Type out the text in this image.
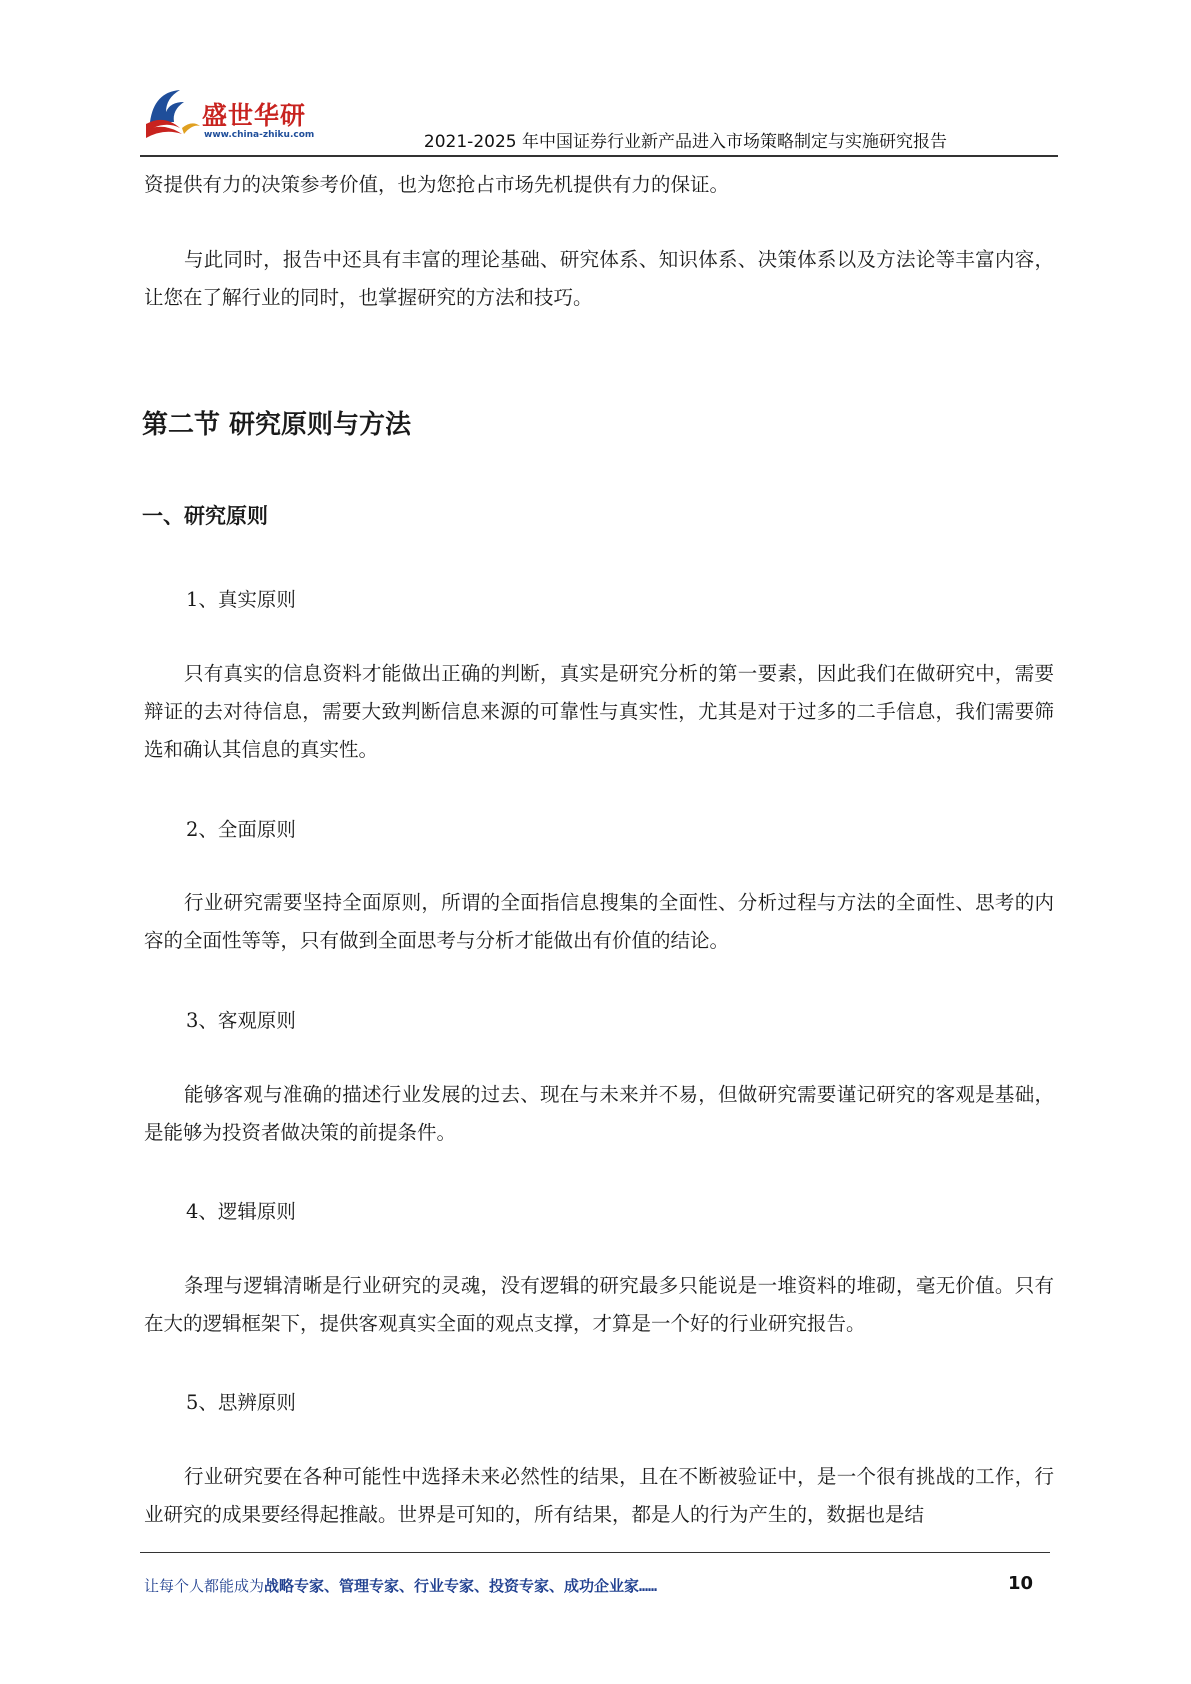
盛世华研
www.china-zhiku.com	2021-2025 年中国证券行业新产品进入市场策略制定与实施研究报告
资提供有力的决策参考价值，也为您抢占市场先机提供有力的保证。
与此同时，报告中还具有丰富的理论基础、研究体系、知识体系、决策体系以及方法论等丰富内容，让您在了解行业的同时，也掌握研究的方法和技巧。
第二节 研究原则与方法
一、研究原则
1、真实原则
只有真实的信息资料才能做出正确的判断，真实是研究分析的第一要素，因此我们在做研究中，需要辩证的去对待信息，需要大致判断信息来源的可靠性与真实性，尤其是对于过多的二手信息，我们需要筛选和确认其信息的真实性。
2、全面原则
行业研究需要坚持全面原则，所谓的全面指信息搜集的全面性、分析过程与方法的全面性、思考的内容的全面性等等，只有做到全面思考与分析才能做出有价值的结论。
3、客观原则
能够客观与准确的描述行业发展的过去、现在与未来并不易，但做研究需要谨记研究的客观是基础，是能够为投资者做决策的前提条件。
4、逻辑原则
条理与逻辑清晰是行业研究的灵魂，没有逻辑的研究最多只能说是一堆资料的堆砌，毫无价值。只有在大的逻辑框架下，提供客观真实全面的观点支撑，才算是一个好的行业研究报告。
5、思辨原则
行业研究要在各种可能性中选择未来必然性的结果，且在不断被验证中，是一个很有挑战的工作，行业研究的成果要经得起推敲。世界是可知的，所有结果，都是人的行为产生的，数据也是结
让每个人都能成为战略专家、管理专家、行业专家、投资专家、成功企业家……	10
